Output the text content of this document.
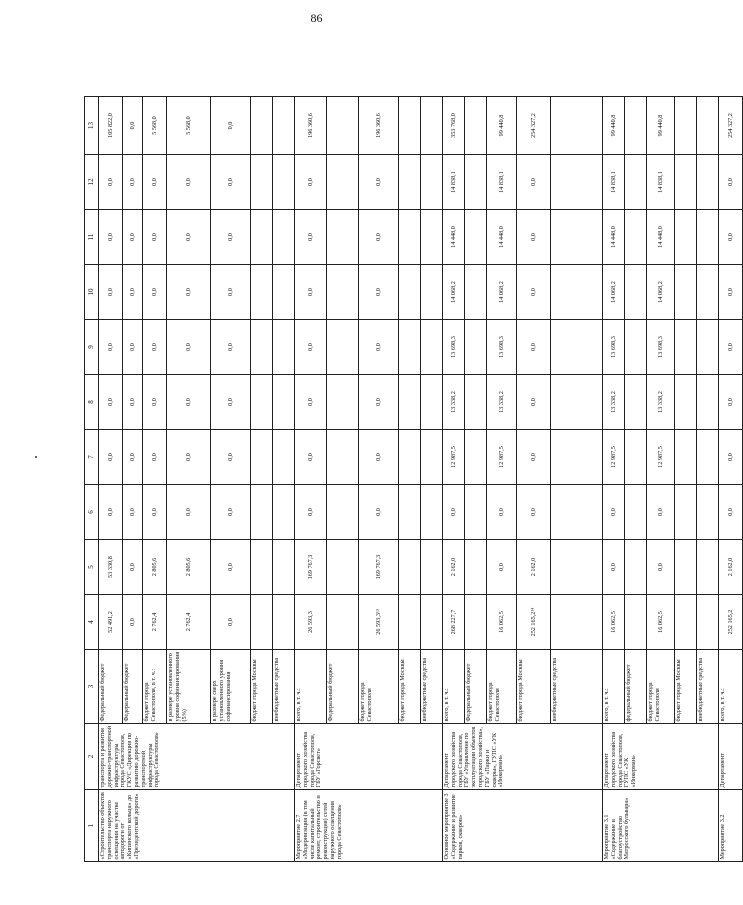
86
1	2	3	4	5	6	7	8	9	10	11	12	13
«Строительство объектов транспорта наружного освещения на участке автодороги от «Кипинского кольца» до «Президентской дороги»	транспорта и развития дорожно-транспортной инфраструктуры города Севастополя, ГКУС «Дирекция по развитию дорожно-транспортной инфраструктуры города Севастополя»	Федеральный бюджет	52 491,2	53 330,8	0,0	0,0	0,0	0,0	0,0	0,0	0,0	105 822,0
		Федеральный бюджет	0,0	0,0	0,0	0,0	0,0	0,0	0,0	0,0	0,0	0,0
		бюджет города Севастополя, в т. ч.:	2 762,4	2 805,6	0,0	0,0	0,0	0,0	0,0	0,0	0,0	5 568,0
		в размере установленного уровня софинансирования (5%)	2 762,4	2 805,6	0,0	0,0	0,0	0,0	0,0	0,0	0,0	5 568,0
		в размере сверх установленного уровня софинансирования	0,0	0,0	0,0	0,0	0,0	0,0	0,0	0,0	0,0	0,0
		бюджет города Москвы										
		внебюджетные средства										
Мероприятие 2.7 «Модернизация (в том числе капитальный ремонт, строительство и реконструкция) сетей наружного освещения города Севастополя»	Департамент городского хозяйства города Севастополя, ГБУ «Горсвет»	всего, в т. ч.:	26 593,3	169 767,3	0,0	0,0	0,0	0,0	0,0	0,0	0,0	196 360,6
		Федеральный бюджет										
		бюджет города Севастополя	26 593,3¹³	169 767,3	0,0	0,0	0,0	0,0	0,0	0,0	0,0	196 360,6
		бюджет города Москвы										
		внебюджетные средства										
Основное мероприятие 3 «Содержание и развитие парков, скверов»	Департамент городского хозяйства города Севастополя, ГБУ «Управление по эксплуатации объектов городского хозяйства», ГБУ «Парки и скверы», ГУПС «УК «Инкерман»	всего, в т. ч.:	268 227,7	2 162,0	0,0	12 987,5	13 338,2	13 698,3	14 068,2	14 448,0	14 838,1	353 768,0
		Федеральный бюджет										
		бюджет города Севастополя	16 062,5	0,0	0,0	12 987,5	13 338,2	13 698,3	14 068,2	14 448,0	14 838,1	99 440,8
		бюджет города Москвы	252 165,2¹⁴	2 162,0	0,0	0,0	0,0	0,0	0,0	0,0	0,0	254 327,2
		внебюджетные средства										
Мероприятие 3.1 «Содержание и благоустройство Матросского бульвара»	Департамент городского хозяйства города Севастополя, ГУПС «УК «Инкерман»	всего, в т. ч.:	16 062,5	0,0	0,0	12 987,5	13 338,2	13 698,3	14 068,2	14 448,0	14 838,1	99 440,8
		федеральный бюджет										
		бюджет города Севастополя	16 062,5	0,0	0,0	12 987,5	13 338,2	13 698,3	14 068,2	14 448,0	14 838,1	99 440,8
		бюджет города Москвы										
		внебюджетные средства										
Мероприятие 3.2	Департамент	всего, в т. ч.:	252 165,2	2 162,0	0,0	0,0	0,0	0,0	0,0	0,0	0,0	254 327,2
